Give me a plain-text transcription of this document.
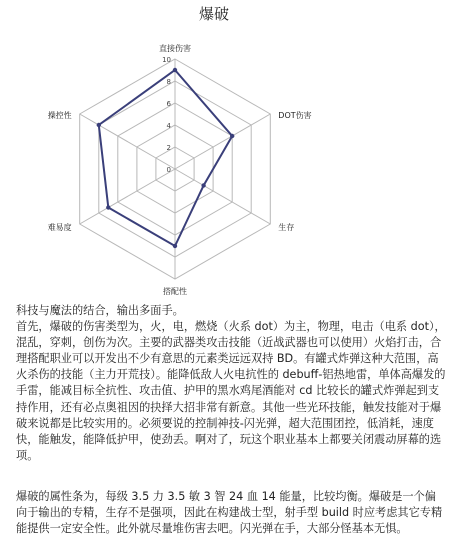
爆破
0
2
4
6
8
10
直接伤害
DOT伤害
生存
搭配性
难易度
操控性

科技与魔法的结合，输出多面手。
首先，爆破的伤害类型为，火，电，燃烧（火系 dot）为主，物理，电击（电系 dot），混乱，穿刺，创伤为次。主要的武器类攻击技能（近战武器也可以使用）火焰打击，合理搭配职业可以开发出不少有意思的元素类远远双持 BD。有罐式炸弹这种大范围，高火杀伤的技能（主力开荒技）。能降低敌人火电抗性的 debuff-铝热地雷，单体高爆发的手雷，能减目标全抗性、攻击值、护甲的黑水鸡尾酒能对 cd 比较长的罐式炸弹起到支持作用，还有必点奥祖因的抉择大招非常有新意。其他一些光环技能，触发技能对于爆破来说都是比较实用的。必须要说的控制神技-闪光弹，超大范围团控，低消耗，速度快，能触发，能降低护甲，使劲丢。啊对了，玩这个职业基本上都要关闭震动屏幕的选项。

爆破的属性条为，每级 3.5 力 3.5 敏 3 智 24 血 14 能量，比较均衡。爆破是一个偏向于输出的专精，生存不是强项，因此在构建战士型，射手型 build 时应考虑其它专精能提供一定安全性。此外就尽量堆伤害去吧。闪光弹在手，大部分怪基本无惧。
